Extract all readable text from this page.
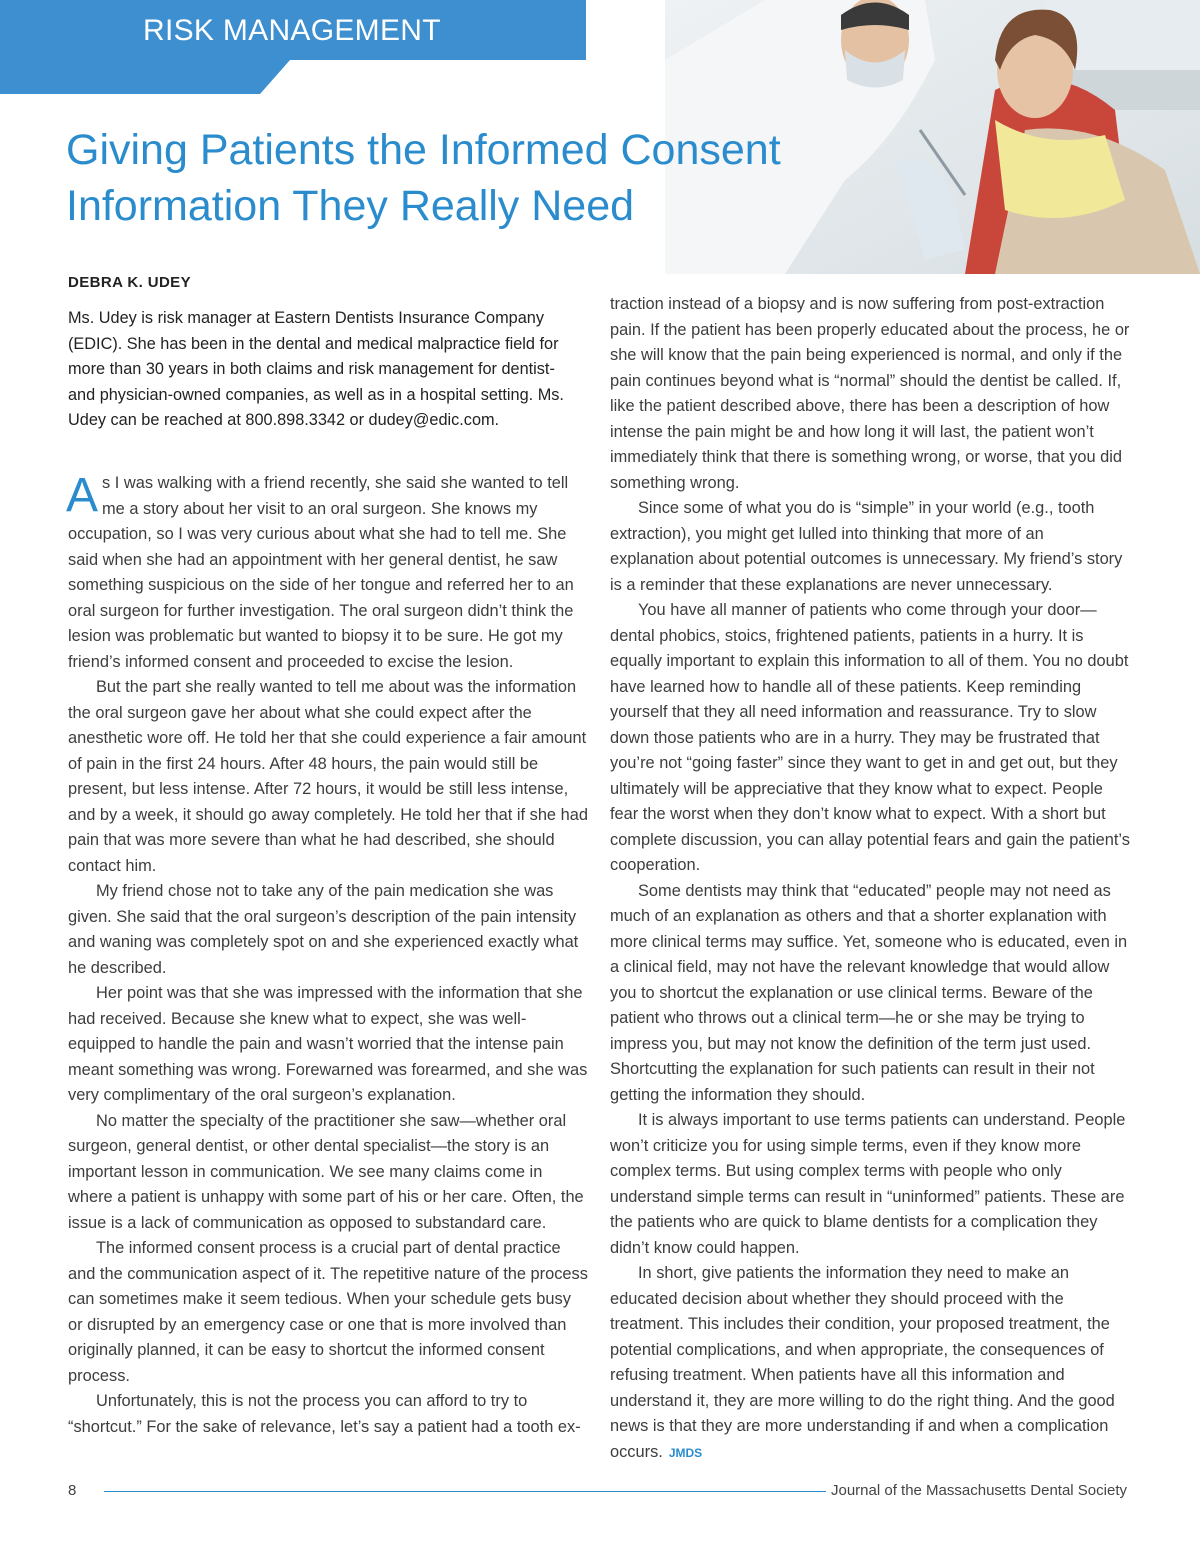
RISK MANAGEMENT
Giving Patients the Informed Consent
Information They Really Need

DEBRA K. UDEY

Ms. Udey is risk manager at Eastern Dentists Insurance Company (EDIC). She has been in the dental and medical malpractice field for more than 30 years in both claims and risk management for dentist- and physician-owned companies, as well as in a hospital setting. Ms. Udey can be reached at 800.898.3342 or dudey@edic.com.

As I was walking with a friend recently, she said she wanted to tell me a story about her visit to an oral surgeon. She knows my occupation, so I was very curious about what she had to tell me. She said when she had an appointment with her general dentist, he saw something suspicious on the side of her tongue and referred her to an oral surgeon for further investigation. The oral surgeon didn’t think the lesion was problematic but wanted to biopsy it to be sure. He got my friend’s informed consent and proceeded to excise the lesion.

But the part she really wanted to tell me about was the information the oral surgeon gave her about what she could expect after the anesthetic wore off. He told her that she could experience a fair amount of pain in the first 24 hours. After 48 hours, the pain would still be present, but less intense. After 72 hours, it would be still less intense, and by a week, it should go away completely. He told her that if she had pain that was more severe than what he had described, she should contact him.

My friend chose not to take any of the pain medication she was given. She said that the oral surgeon’s description of the pain intensity and waning was completely spot on and she experienced exactly what he described.

Her point was that she was impressed with the information that she had received. Because she knew what to expect, she was well-equipped to handle the pain and wasn’t worried that the intense pain meant something was wrong. Forewarned was forearmed, and she was very complimentary of the oral surgeon’s explanation.

No matter the specialty of the practitioner she saw—whether oral surgeon, general dentist, or other dental specialist—the story is an important lesson in communication. We see many claims come in where a patient is unhappy with some part of his or her care. Often, the issue is a lack of communication as opposed to substandard care.

The informed consent process is a crucial part of dental practice and the communication aspect of it. The repetitive nature of the process can sometimes make it seem tedious. When your schedule gets busy or disrupted by an emergency case or one that is more involved than originally planned, it can be easy to shortcut the informed consent process.

Unfortunately, this is not the process you can afford to try to “shortcut.” For the sake of relevance, let’s say a patient had a tooth ex-

traction instead of a biopsy and is now suffering from post-extraction pain. If the patient has been properly educated about the process, he or she will know that the pain being experienced is normal, and only if the pain continues beyond what is “normal” should the dentist be called. If, like the patient described above, there has been a description of how intense the pain might be and how long it will last, the patient won’t immediately think that there is something wrong, or worse, that you did something wrong.

Since some of what you do is “simple” in your world (e.g., tooth extraction), you might get lulled into thinking that more of an explanation about potential outcomes is unnecessary. My friend’s story is a reminder that these explanations are never unnecessary.

You have all manner of patients who come through your door—dental phobics, stoics, frightened patients, patients in a hurry. It is equally important to explain this information to all of them. You no doubt have learned how to handle all of these patients. Keep reminding yourself that they all need information and reassurance. Try to slow down those patients who are in a hurry. They may be frustrated that you’re not “going faster” since they want to get in and get out, but they ultimately will be appreciative that they know what to expect. People fear the worst when they don’t know what to expect. With a short but complete discussion, you can allay potential fears and gain the patient’s cooperation.

Some dentists may think that “educated” people may not need as much of an explanation as others and that a shorter explanation with more clinical terms may suffice. Yet, someone who is educated, even in a clinical field, may not have the relevant knowledge that would allow you to shortcut the explanation or use clinical terms. Beware of the patient who throws out a clinical term—he or she may be trying to impress you, but may not know the definition of the term just used. Shortcutting the explanation for such patients can result in their not getting the information they should.

It is always important to use terms patients can understand. People won’t criticize you for using simple terms, even if they know more complex terms. But using complex terms with people who only understand simple terms can result in “uninformed” patients. These are the patients who are quick to blame dentists for a complication they didn’t know could happen.

In short, give patients the information they need to make an educated decision about whether they should proceed with the treatment. This includes their condition, your proposed treatment, the potential complications, and when appropriate, the consequences of refusing treatment. When patients have all this information and understand it, they are more willing to do the right thing. And the good news is that they are more understanding if and when a complication occurs. JMDS

8	Journal of the Massachusetts Dental Society
